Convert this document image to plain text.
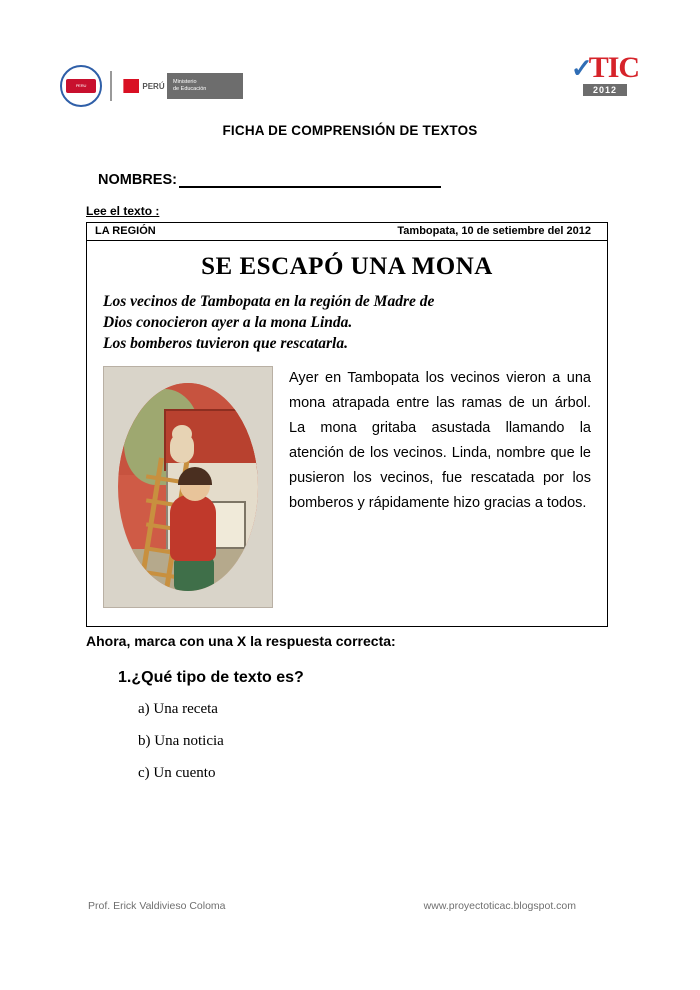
PERU	PERÚ Ministerio
de Educación
✓TIC
2012
FICHA DE COMPRENSIÓN DE TEXTOS
NOMBRES:
Lee el texto :
LA REGIÓN	Tambopata, 10 de setiembre del 2012
SE ESCAPÓ UNA MONA
Los vecinos de Tambopata en la región de Madre de
Dios conocieron ayer a la mona Linda.
Los bomberos tuvieron que rescatarla.
Ayer en Tambopata los vecinos vieron a una mona atrapada entre las ramas de un árbol. La mona gritaba asustada llamando la atención de los vecinos. Linda, nombre que le pusieron los vecinos, fue rescatada por los bomberos y rápidamente hizo gracias a todos.
Ahora, marca con una X la respuesta correcta:
1.¿Qué tipo de texto es?
a) Una receta
b) Una noticia
c) Un cuento
Prof. Erick Valdivieso Coloma	www.proyectoticac.blogspot.com
